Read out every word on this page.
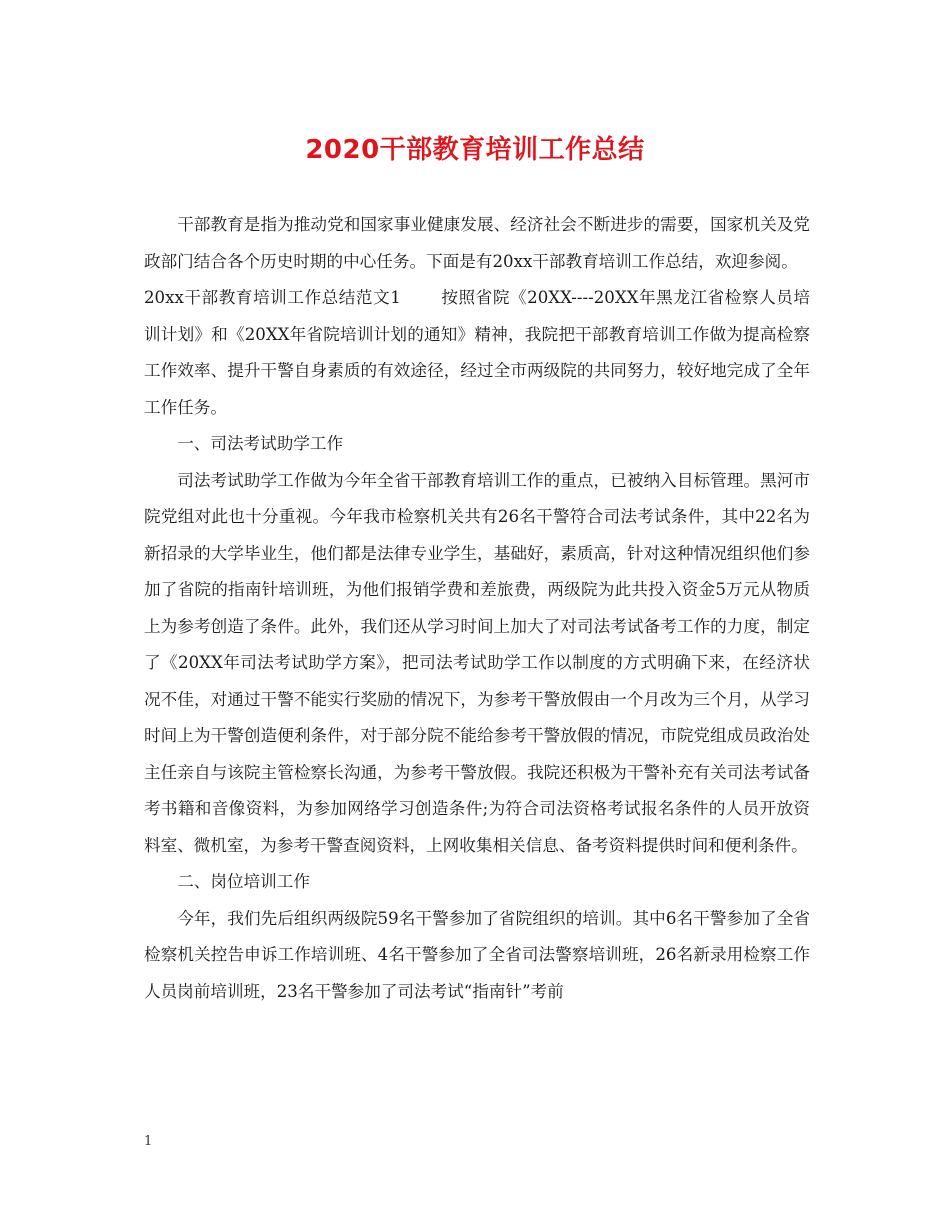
2020干部教育培训工作总结

干部教育是指为推动党和国家事业健康发展、经济社会不断进步的需要，国家机关及党政部门结合各个历史时期的中心任务。下面是有20xx干部教育培训工作总结，欢迎参阅。

20xx干部教育培训工作总结范文1 按照省院《20XX----20XX年黑龙江省检察人员培训计划》和《20XX年省院培训计划的通知》精神，我院把干部教育培训工作做为提高检察工作效率、提升干警自身素质的有效途径，经过全市两级院的共同努力，较好地完成了全年工作任务。

一、司法考试助学工作

司法考试助学工作做为今年全省干部教育培训工作的重点，已被纳入目标管理。黑河市院党组对此也十分重视。今年我市检察机关共有26名干警符合司法考试条件，其中22名为新招录的大学毕业生，他们都是法律专业学生，基础好，素质高，针对这种情况组织他们参加了省院的指南针培训班，为他们报销学费和差旅费，两级院为此共投入资金5万元从物质上为参考创造了条件。此外，我们还从学习时间上加大了对司法考试备考工作的力度，制定了《20XX年司法考试助学方案》，把司法考试助学工作以制度的方式明确下来，在经济状况不佳，对通过干警不能实行奖励的情况下，为参考干警放假由一个月改为三个月，从学习时间上为干警创造便利条件，对于部分院不能给参考干警放假的情况，市院党组成员政治处主任亲自与该院主管检察长沟通，为参考干警放假。我院还积极为干警补充有关司法考试备考书籍和音像资料，为参加网络学习创造条件;为符合司法资格考试报名条件的人员开放资料室、微机室，为参考干警查阅资料，上网收集相关信息、备考资料提供时间和便利条件。

二、岗位培训工作

今年，我们先后组织两级院59名干警参加了省院组织的培训。其中6名干警参加了全省检察机关控告申诉工作培训班、4名干警参加了全省司法警察培训班，26名新录用检察工作人员岗前培训班，23名干警参加了司法考试“指南针”考前

1
